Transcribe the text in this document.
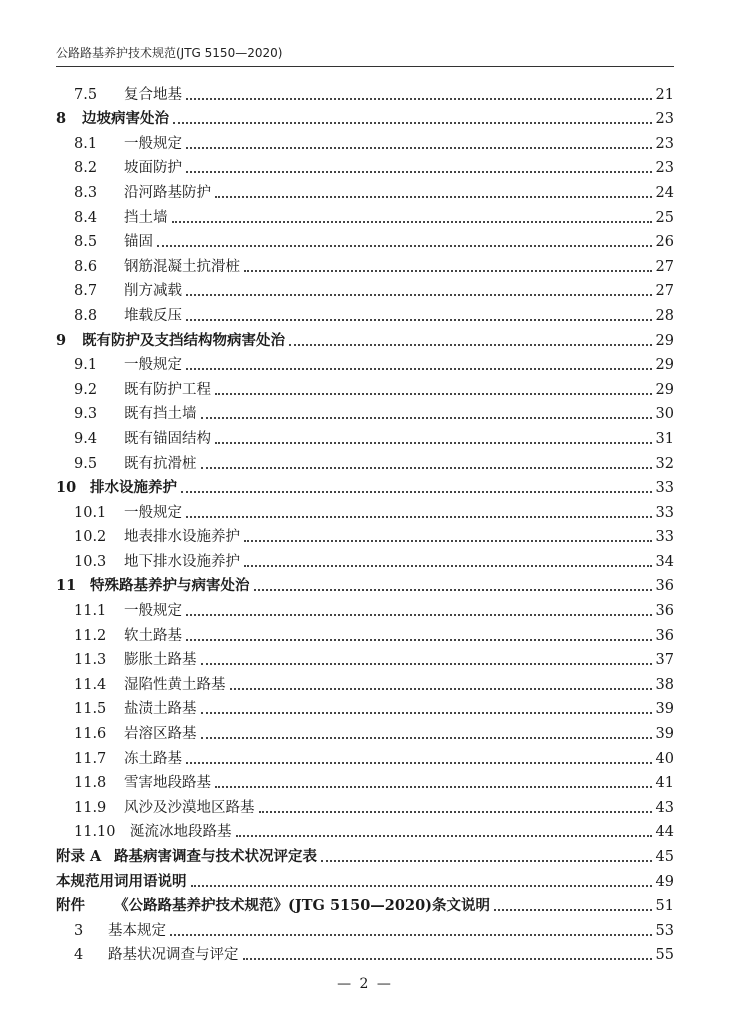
公路路基养护技术规范(JTG 5150—2020)
7.5	复合地基	21
8	边坡病害处治	23
8.1	一般规定	23
8.2	坡面防护	23
8.3	沿河路基防护	24
8.4	挡土墙	25
8.5	锚固	26
8.6	钢筋混凝土抗滑桩	27
8.7	削方减载	27
8.8	堆载反压	28
9	既有防护及支挡结构物病害处治	29
9.1	一般规定	29
9.2	既有防护工程	29
9.3	既有挡土墙	30
9.4	既有锚固结构	31
9.5	既有抗滑桩	32
10 排水设施养护	33
10.1	一般规定	33
10.2	地表排水设施养护	33
10.3	地下排水设施养护	34
11 特殊路基养护与病害处治	36
11.1	一般规定	36
11.2	软土路基	36
11.3	膨胀土路基	37
11.4	湿陷性黄土路基	38
11.5	盐渍土路基	39
11.6	岩溶区路基	39
11.7	冻土路基	40
11.8	雪害地段路基	41
11.9	风沙及沙漠地区路基	43
11.10 涎流冰地段路基	44
附录 A 路基病害调查与技术状况评定表	45
本规范用词用语说明	49
附件	《公路路基养护技术规范》(JTG 5150—2020)条文说明	51
3	基本规定	53
4	路基状况调查与评定	55
— 2 —
